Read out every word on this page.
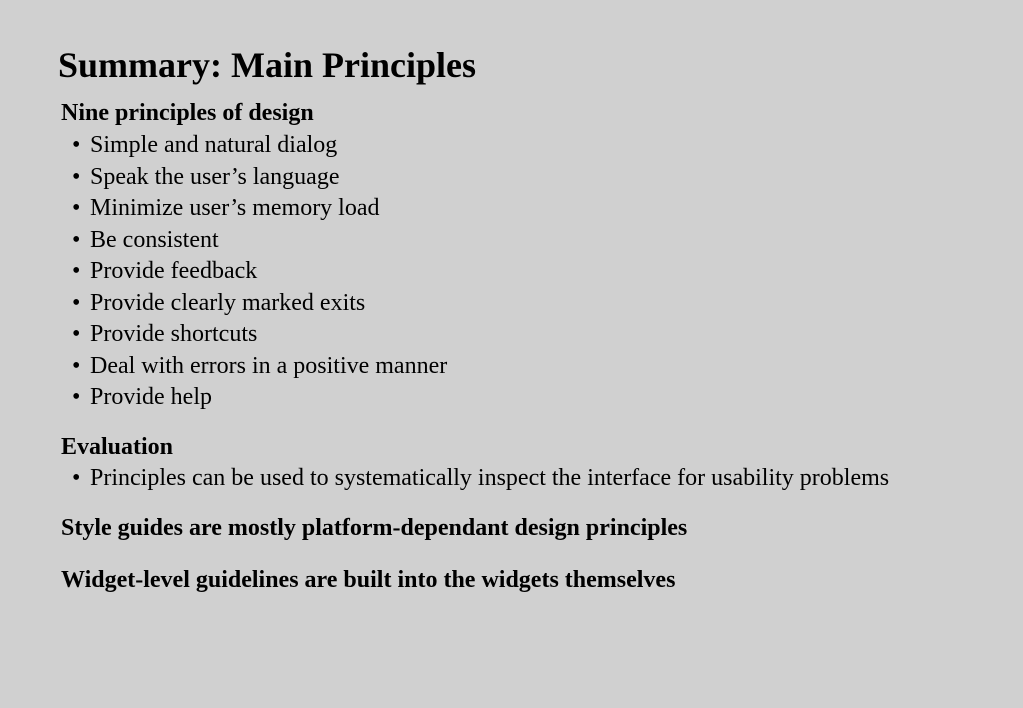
Summary: Main Principles

Nine principles of design

• Simple and natural dialog
• Speak the user’s language
• Minimize user’s memory load
• Be consistent
• Provide feedback
• Provide clearly marked exits
• Provide shortcuts
• Deal with errors in a positive manner
• Provide help

Evaluation

• Principles can be used to systematically inspect the interface for usability problems

Style guides are mostly platform-dependant design principles

Widget-level guidelines are built into the widgets themselves
